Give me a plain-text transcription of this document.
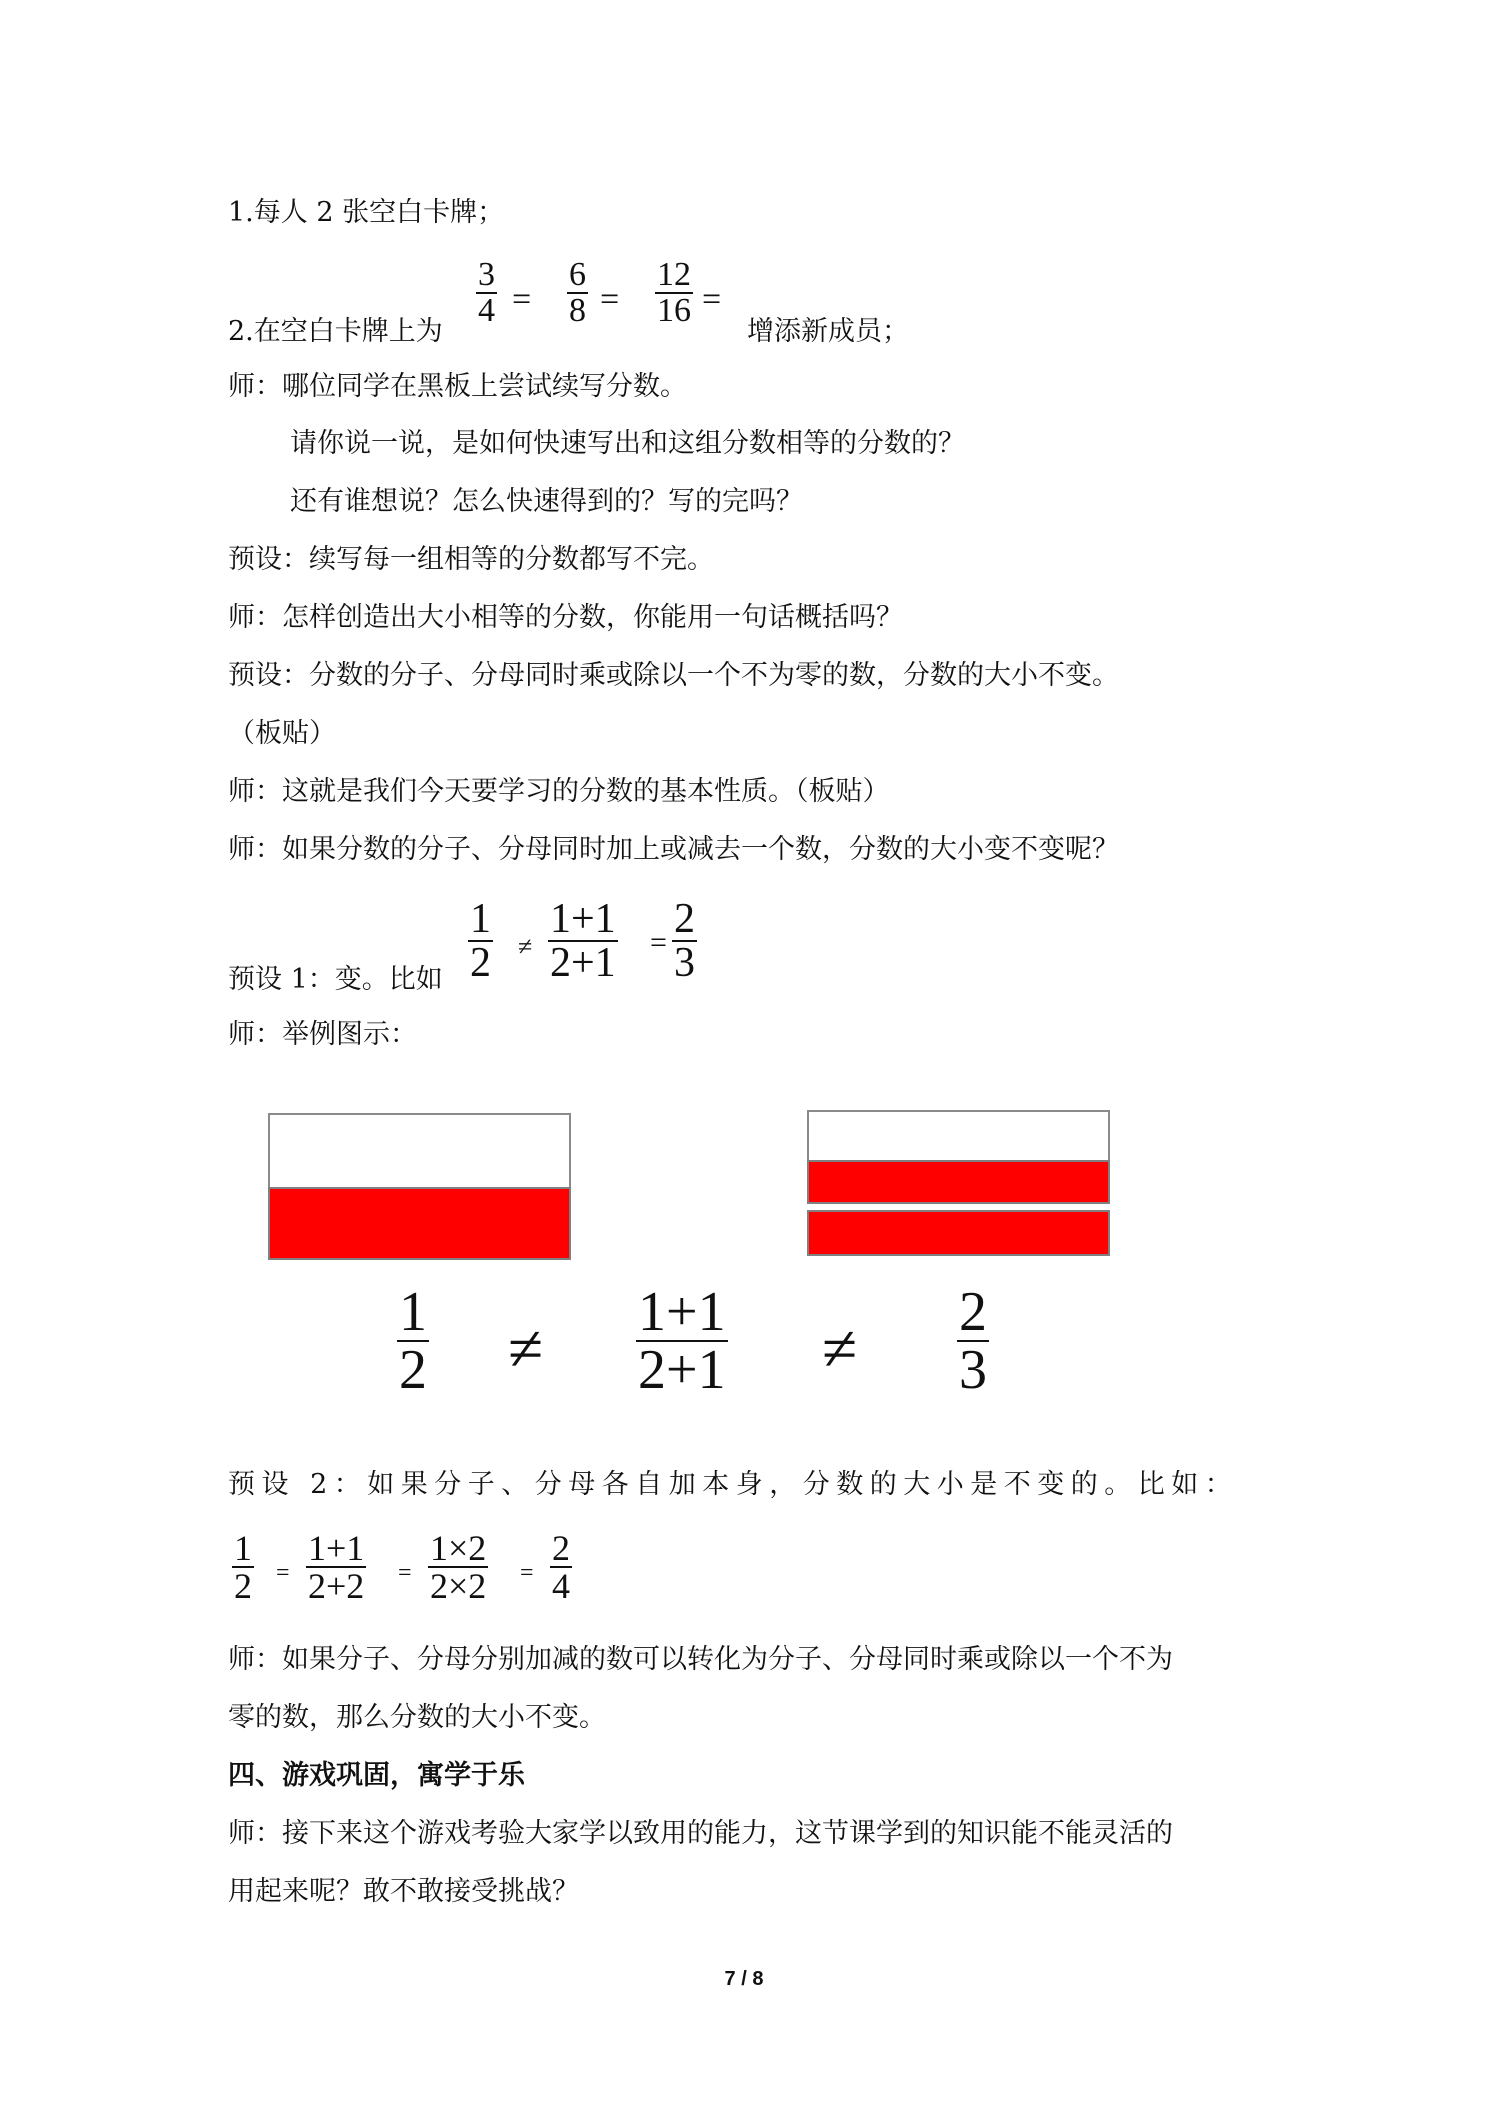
1.每人 2 张空白卡牌；
2.在空白卡牌上为
3
4 =
6
8 =
12
16 =
增添新成员；
师：哪位同学在黑板上尝试续写分数。
请你说一说，是如何快速写出和这组分数相等的分数的？
还有谁想说？怎么快速得到的？写的完吗？
预设：续写每一组相等的分数都写不完。
师：怎样创造出大小相等的分数，你能用一句话概括吗？
预设：分数的分子、分母同时乘或除以一个不为零的数，分数的大小不变。
（板贴）
师：这就是我们今天要学习的分数的基本性质。（板贴）
师：如果分数的分子、分母同时加上或减去一个数，分数的大小变不变呢？
预设 1：变。比如
1
2 ≠
1+1
2+1 =
2
3
师：举例图示：
1
2 ≠
1+1
2+1 ≠
2
3
预设 2：如果分子、分母各自加本身，分数的大小是不变的。比如：
1
2 =
1+1
2+2 =
1×2
2×2 =
2
4
师：如果分子、分母分别加减的数可以转化为分子、分母同时乘或除以一个不为
零的数，那么分数的大小不变。
四、游戏巩固，寓学于乐
师：接下来这个游戏考验大家学以致用的能力，这节课学到的知识能不能灵活的
用起来呢？敢不敢接受挑战？
7 / 8
